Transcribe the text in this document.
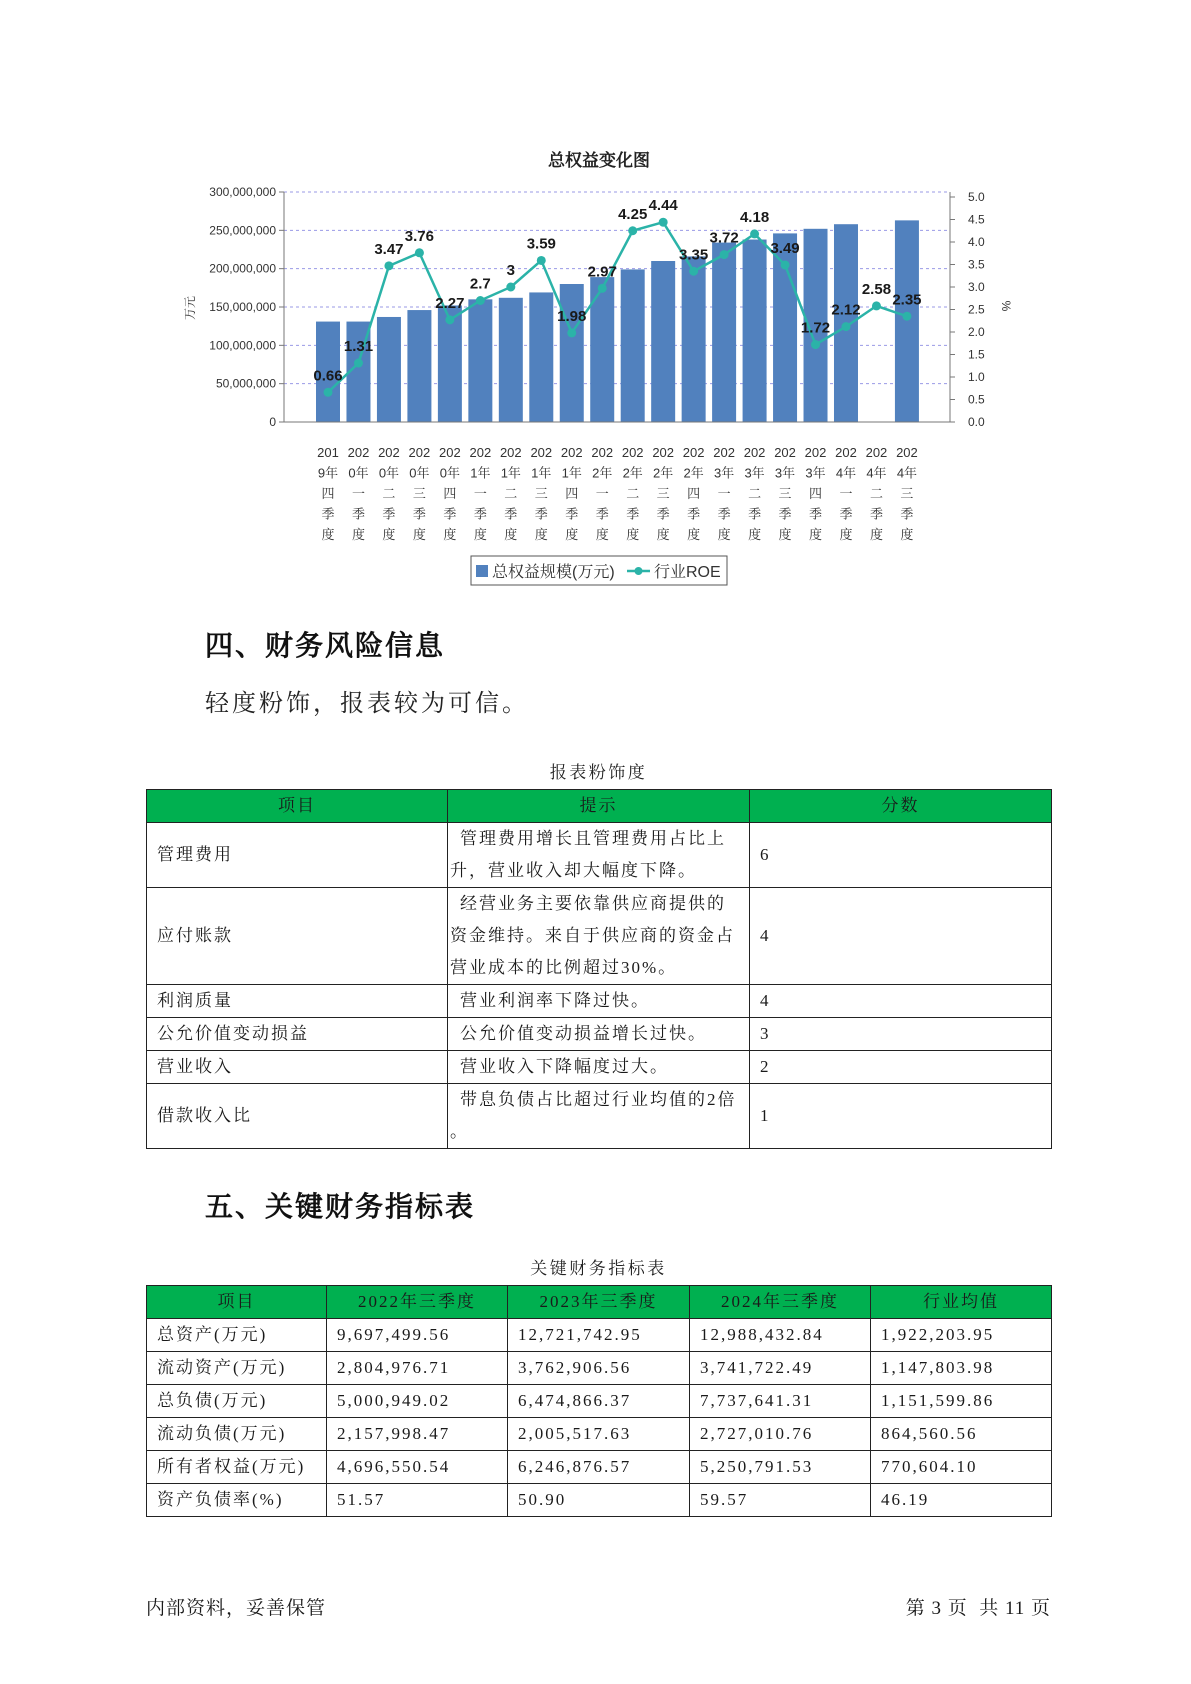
总权益变化图
0
50,000,000
100,000,000
150,000,000
200,000,000
250,000,000
300,000,000
0.0
0.5
1.0
1.5
2.0
2.5
3.0
3.5
4.0
4.5
5.0
201 9年四季度
202 0年一季度
202 0年二季度
202 0年三季度
202 0年四季度
202 1年一季度
202 1年二季度
202 1年三季度
202 1年四季度
202 2年一季度
202 2年二季度
202 2年三季度
202 2年四季度
202 3年一季度
202 3年二季度
202 3年三季度
202 3年四季度
202 4年一季度
202 4年二季度
202 4年三季度
0.66
1.31
3.47
3.76
2.27
2.7
3
3.59
1.98
2.97
4.25
4.44
3.35
3.72
4.18
3.49
1.72
2.12
2.58
2.35
万元	%
总权益规模(万元) 行业ROE
四、财务风险信息

轻度粉饰，报表较为可信。

报表粉饰度
项目	提示	分数
管理费用	管理费用增长且管理费用占比上
升，营业收入却大幅度下降。	6
应付账款	经营业务主要依靠供应商提供的
资金维持。来自于供应商的资金占
营业成本的比例超过30%。	4
利润质量	营业利润率下降过快。	4
公允价值变动损益	公允价值变动损益增长过快。	3
营业收入	营业收入下降幅度过大。	2
借款收入比	带息负债占比超过行业均值的2倍
。	1
五、关键财务指标表
关键财务指标表
项目	2022年三季度	2023年三季度	2024年三季度	行业均值
总资产(万元)	9,697,499.56	12,721,742.95	12,988,432.84	1,922,203.95
流动资产(万元)	2,804,976.71	3,762,906.56	3,741,722.49	1,147,803.98
总负债(万元)	5,000,949.02	6,474,866.37	7,737,641.31	1,151,599.86
流动负债(万元)	2,157,998.47	2,005,517.63	2,727,010.76	864,560.56
所有者权益(万元)	4,696,550.54	6,246,876.57	5,250,791.53	770,604.10
资产负债率(%)	51.57	50.90	59.57	46.19
内部资料，妥善保管	第 3 页  共 11 页
